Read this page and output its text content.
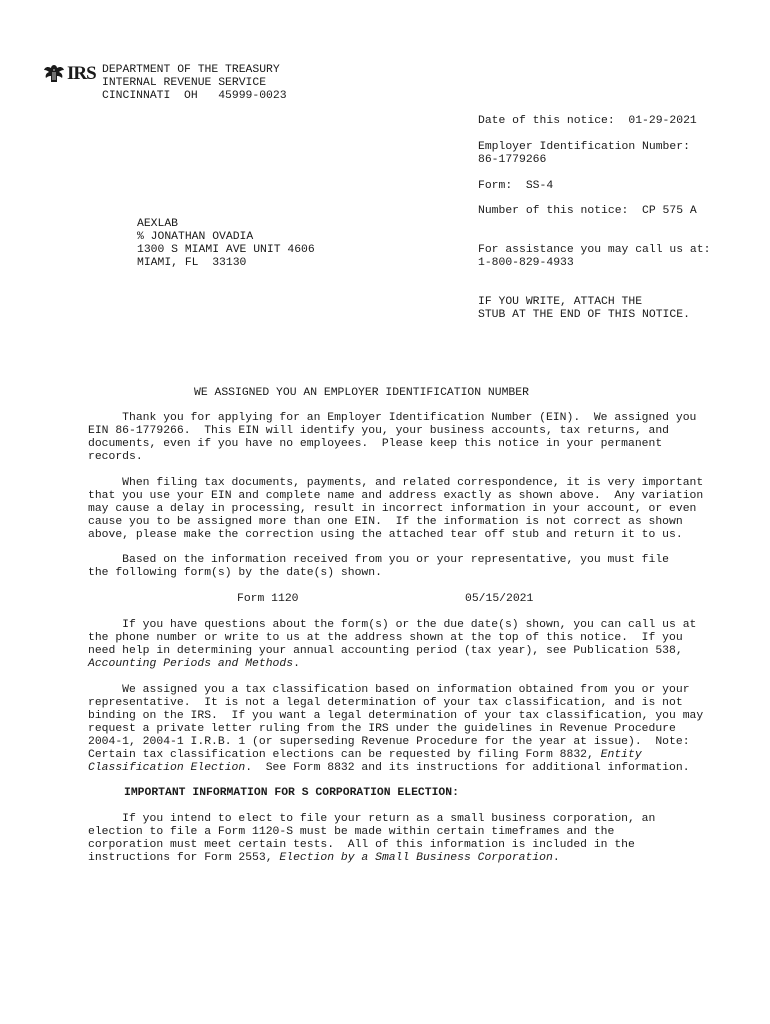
IRS DEPARTMENT OF THE TREASURY
INTERNAL REVENUE SERVICE
CINCINNATI  OH   45999-0023
Date of this notice:  01-29-2021
Employer Identification Number:
86-1779266
Form:  SS-4
Number of this notice:  CP 575 A
For assistance you may call us at:
1-800-829-4933
IF YOU WRITE, ATTACH THE
STUB AT THE END OF THIS NOTICE.
AEXLAB
% JONATHAN OVADIA
1300 S MIAMI AVE UNIT 4606
MIAMI, FL  33130
WE ASSIGNED YOU AN EMPLOYER IDENTIFICATION NUMBER
Thank you for applying for an Employer Identification Number (EIN).  We assigned you
EIN 86-1779266.  This EIN will identify you, your business accounts, tax returns, and
documents, even if you have no employees.  Please keep this notice in your permanent
records.
When filing tax documents, payments, and related correspondence, it is very important
that you use your EIN and complete name and address exactly as shown above.  Any variation
may cause a delay in processing, result in incorrect information in your account, or even
cause you to be assigned more than one EIN.  If the information is not correct as shown
above, please make the correction using the attached tear off stub and return it to us.
Based on the information received from you or your representative, you must file
the following form(s) by the date(s) shown.
Form 1120	05/15/2021
If you have questions about the form(s) or the due date(s) shown, you can call us at
the phone number or write to us at the address shown at the top of this notice.  If you
need help in determining your annual accounting period (tax year), see Publication 538,
Accounting Periods and Methods.
We assigned you a tax classification based on information obtained from you or your
representative.  It is not a legal determination of your tax classification, and is not
binding on the IRS.  If you want a legal determination of your tax classification, you may
request a private letter ruling from the IRS under the guidelines in Revenue Procedure
2004-1, 2004-1 I.R.B. 1 (or superseding Revenue Procedure for the year at issue).  Note:
Certain tax classification elections can be requested by filing Form 8832, Entity
Classification Election.  See Form 8832 and its instructions for additional information.
IMPORTANT INFORMATION FOR S CORPORATION ELECTION:
If you intend to elect to file your return as a small business corporation, an
election to file a Form 1120-S must be made within certain timeframes and the
corporation must meet certain tests.  All of this information is included in the
instructions for Form 2553, Election by a Small Business Corporation.
